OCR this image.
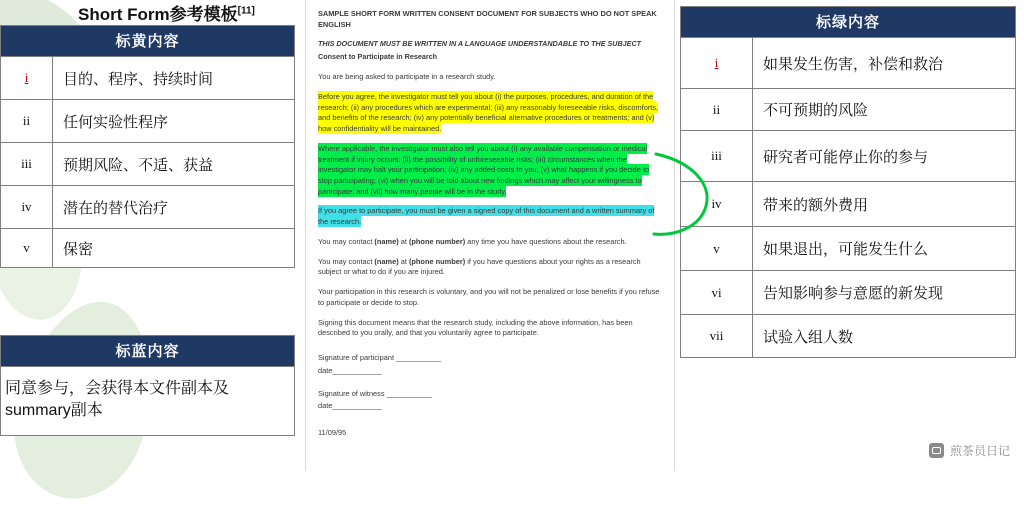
Short Form参考模板[11]
标黄内容	
i	目的、程序、持续时间
ii	任何实验性程序
iii	预期风险、不适、获益
iv	潜在的替代治疗
v	保密
标蓝内容
同意参与，会获得本文件副本及summary副本
标绿内容	
i	如果发生伤害，补偿和救治
ii	不可预期的风险
iii	研究者可能停止你的参与
iv	带来的额外费用
v	如果退出，可能发生什么
vi	告知影响参与意愿的新发现
vii	试验入组人数
SAMPLE SHORT FORM WRITTEN CONSENT DOCUMENT FOR SUBJECTS WHO DO NOT SPEAK ENGLISH
THIS DOCUMENT MUST BE WRITTEN IN A LANGUAGE UNDERSTANDABLE TO THE SUBJECT
Consent to Participate in Research

You are being asked to participate in a research study.

Before you agree, the investigator must tell you about (i) the purposes, procedures, and duration of the research; (ii) any procedures which are experimental; (iii) any reasonably foreseeable risks, discomforts, and benefits of the research; (iv) any potentially beneficial alternative procedures or treatments; and (v) how confidentiality will be maintained.

Where applicable, the investigator must also tell you about (i) any available compensation or medical treatment if injury occurs; (ii) the possibility of unforeseeable risks; (iii) circumstances when the investigator may halt your participation; (iv) any added costs to you; (v) what happens if you decide to stop participating; (vi) when you will be told about new findings which may affect your willingness to participate; and (vii) how many people will be in the study.

If you agree to participate, you must be given a signed copy of this document and a written summary of the research.

You may contact (name) at (phone number) any time you have questions about the research.

You may contact (name) at (phone number) if you have questions about your rights as a research subject or what to do if you are injured.

Your participation in this research is voluntary, and you will not be penalized or lose benefits if you refuse to participate or decide to stop.

Signing this document means that the research study, including the above information, has been described to you orally, and that you voluntarily agree to participate.

Signature of participant ___________

date____________

Signature of witness ___________

date____________

11/09/95
煎茶员日记
